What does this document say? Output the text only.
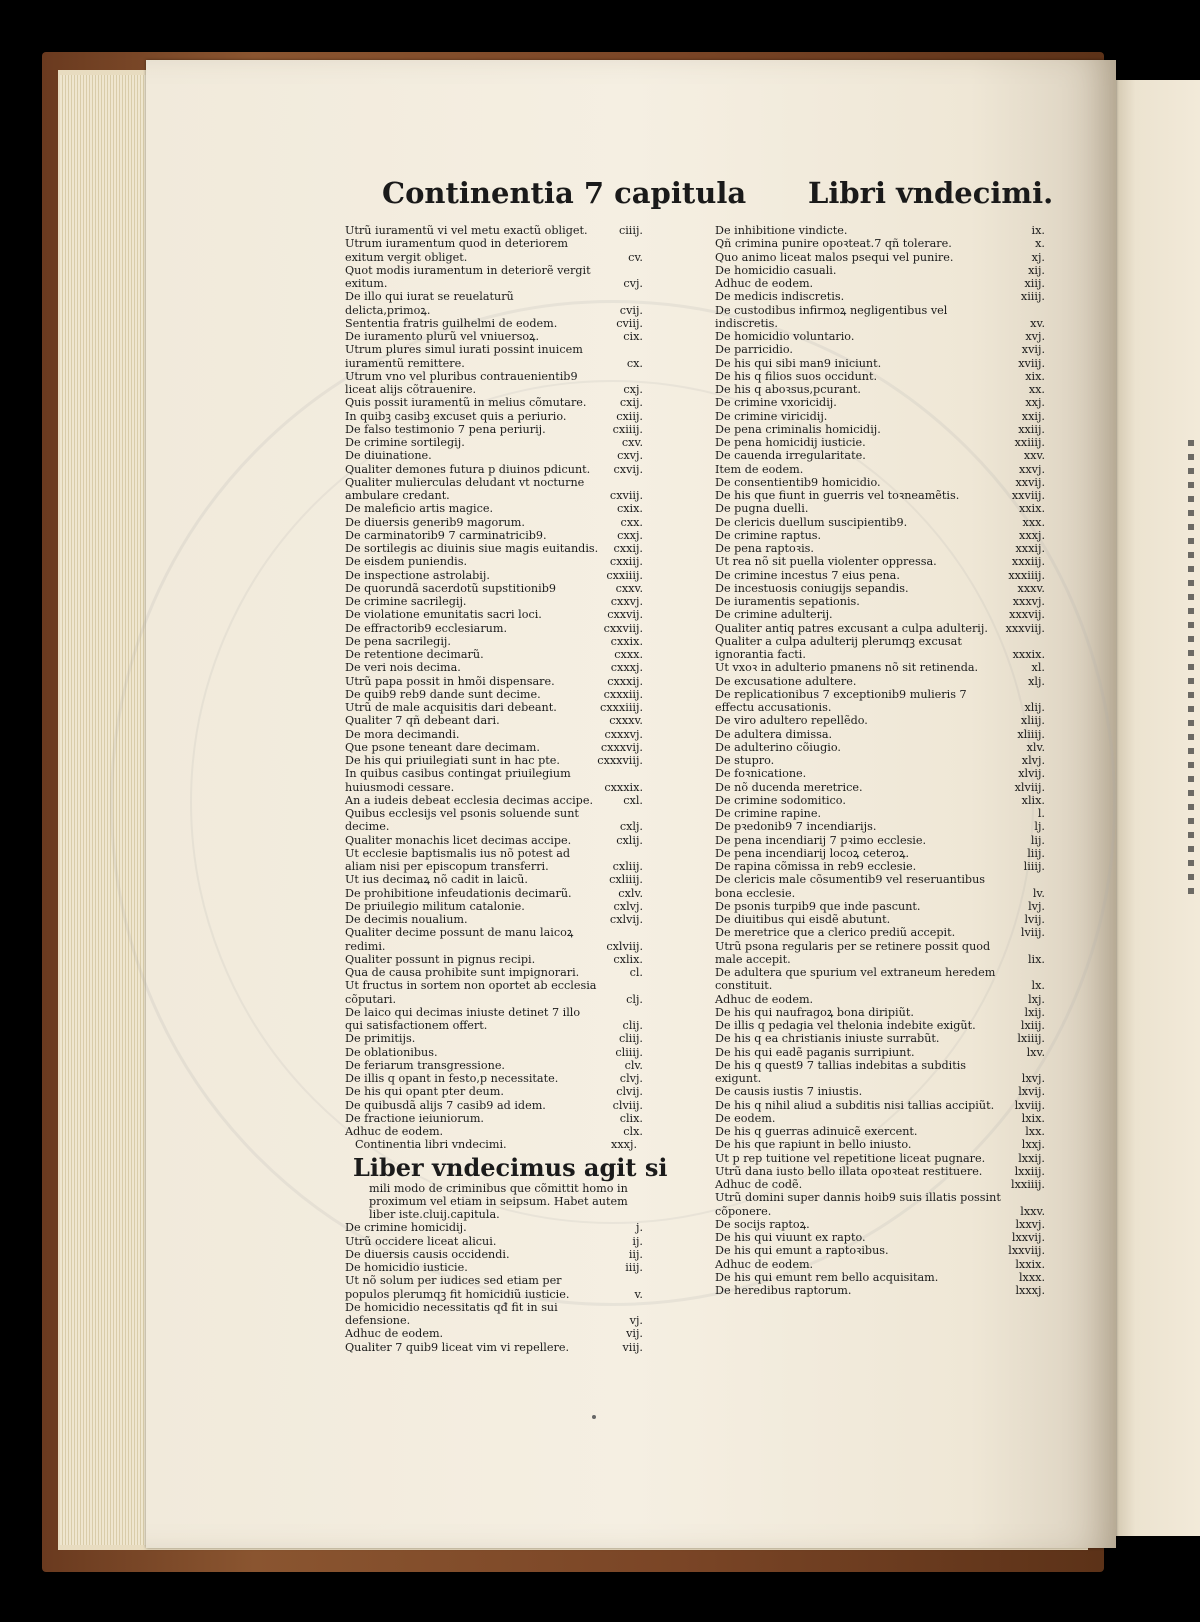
Continentia 7 capitula Libri vndecimi.
Utrũ iuramentũ vi vel metu exactũ obliget.	ciiij.
Utrum iuramentum quod in deteriorem exitum vergit obliget.	cv.
Quot modis iuramentum in deteriorẽ vergit exitum.	cvj.
De illo qui iurat se reuelaturũ delicta,primoꝝ.	cvij.
Sententia fratris guilhelmi de eodem.	cviij.
De iuramento plurũ vel vniuersoꝝ.	cix.
Utrum plures simul iurati possint inuicem iuramentũ remittere.	cx.
Utrum vno vel pluribus contrauenientib9 liceat alijs cõtrauenire.	cxj.
Quis possit iuramentũ in melius cõmutare.	cxij.
In quibꝫ casibꝫ excuset quis a periurio.	cxiij.
De falso testimonio 7 pena periurij.	cxiiij.
De crimine sortilegij.	cxv.
De diuinatione.	cxvj.
Qualiter demones futura p diuinos pdicunt.	cxvij.
Qualiter mulierculas deludant vt nocturne ambulare credant.	cxviij.
De maleficio artis magice.	cxix.
De diuersis generib9 magorum.	cxx.
De carminatorib9 7 carminatricib9.	cxxj.
De sortilegis ac diuinis siue magis euitandis. cxxij.
De eisdem puniendis.	cxxiij.
De inspectione astrolabij.	cxxiiij.
De quorundã sacerdotũ supstitionib9	cxxv.
De crimine sacrilegij.	cxxvj.
De violatione emunitatis sacri loci.	cxxvij.
De effractorib9 ecclesiarum.	cxxviij.
De pena sacrilegij.	cxxix.
De retentione decimarũ.	cxxx.
De veri nois decima.	cxxxj.
Utrũ papa possit in hmõi dispensare.	cxxxij.
De quib9 reb9 dande sunt decime.	cxxxiij.
Utrũ de male acquisitis dari debeant.	cxxxiiij.
Qualiter 7 qñ debeant dari.	cxxxv.
De mora decimandi.	cxxxvj.
Que psone teneant dare decimam.	cxxxvij.
De his qui priuilegiati sunt in hac pte.	cxxxviij.
In quibus casibus contingat priuilegium huiusmodi cessare.	cxxxix.
An a iudeis debeat ecclesia decimas accipe.	cxl.
Quibus ecclesijs vel psonis soluende sunt decime.	cxlj.
Qualiter monachis licet decimas accipe.	cxlij.
Ut ecclesie baptismalis ius nõ potest ad aliam nisi per episcopum transferri.	cxliij.
Ut ius decimaꝝ nõ cadit in laicũ.	cxliiij.
De prohibitione infeudationis decimarũ.	cxlv.
De priuilegio militum catalonie.	cxlvj.
De decimis noualium.	cxlvij.
Qualiter decime possunt de manu laicoꝝ redimi.	cxlviij.
Qualiter possunt in pignus recipi.	cxlix.
Qua de causa prohibite sunt impignorari.	cl.
Ut fructus in sortem non oportet ab ecclesia cõputari.	clj.
De laico qui decimas iniuste detinet 7 illo qui satisfactionem offert.	clij.
De primitijs.	cliij.
De oblationibus.	cliiij.
De feriarum transgressione.	clv.
De illis q opant in festo,p necessitate.	clvj.
De his qui opant pter deum.	clvij.
De quibusdã alijs 7 casib9 ad idem.	clviij.
De fractione ieiuniorum.	clix.
Adhuc de eodem.	clx.
Continentia libri vndecimi.	xxxj.
Liber vndecimus agit si
mili modo de criminibus que cõmittit homo in proximum vel etiam in seipsum. Habet autem liber iste.cluij.capitula.
De crimine homicidij.	j.
Utrũ occidere liceat alicui.	ij.
De diuersis causis occidendi.	iij.
De homicidio iusticie.	iiij.
Ut nõ solum per iudices sed etiam per populos plerumqꝫ fit homicidiũ iusticie.	v.
De homicidio necessitatis qđ fit in sui defensione.	vj.
Adhuc de eodem.	vij.
Qualiter 7 quib9 liceat vim vi repellere.	viij.
De inhibitione vindicte.	ix.
Qñ crimina punire opoꝛteat.7 qñ tolerare.	x.
Quo animo liceat malos psequi vel punire.	xj.
De homicidio casuali.	xij.
Adhuc de eodem.	xiij.
De medicis indiscretis.	xiiij.
De custodibus infirmoꝝ negligentibus vel indiscretis.	xv.
De homicidio voluntario.	xvj.
De parricidio.	xvij.
De his qui sibi man9 iniciunt.	xviij.
De his q filios suos occidunt.	xix.
De his q aboꝛsus,pcurant.	xx.
De crimine vxoricidij.	xxj.
De crimine viricidij.	xxij.
De pena criminalis homicidij.	xxiij.
De pena homicidij iusticie.	xxiiij.
De cauenda irregularitate.	xxv.
Item de eodem.	xxvj.
De consentientib9 homicidio.	xxvij.
De his que fiunt in guerris vel toꝛneamẽtis.	xxviij.
De pugna duelli.	xxix.
De clericis duellum suscipientib9.	xxx.
De crimine raptus.	xxxj.
De pena raptoꝛis.	xxxij.
Ut rea nõ sit puella violenter oppressa.	xxxiij.
De crimine incestus 7 eius pena.	xxxiiij.
De incestuosis coniugijs sepandis.	xxxv.
De iuramentis sepationis.	xxxvj.
De crimine adulterij.	xxxvij.
Qualiter antiq patres excusant a culpa adulterij.	xxxviij.
Qualiter a culpa adulterij plerumqꝫ excusat ignorantia facti.	xxxix.
Ut vxoꝛ in adulterio pmanens nõ sit retinenda.	xl.
De excusatione adultere.	xlj.
De replicationibus 7 exceptionib9 mulieris 7 effectu accusationis.	xlij.
De viro adultero repellẽdo.	xliij.
De adultera dimissa.	xliiij.
De adulterino cõiugio.	xlv.
De stupro.	xlvj.
De foꝛnicatione.	xlvij.
De nõ ducenda meretrice.	xlviij.
De crimine sodomitico.	xlix.
De crimine rapine.	l.
De pꝛedonib9 7 incendiarijs.	lj.
De pena incendiarij 7 pꝛimo ecclesie.	lij.
De pena incendiarij locoꝝ ceteroꝝ.	liij.
De rapina cõmissa in reb9 ecclesie.	liiij.
De clericis male cõsumentib9 vel reseruantibus bona ecclesie.	lv.
De psonis turpib9 que inde pascunt.	lvj.
De diuitibus qui eisdẽ abutunt.	lvij.
De meretrice que a clerico prediũ accepit.	lviij.
Utrũ psona regularis per se retinere possit quod male accepit.	lix.
De adultera que spurium vel extraneum heredem constituit.	lx.
Adhuc de eodem.	lxj.
De his qui naufragoꝝ bona diripiũt.	lxij.
De illis q pedagia vel thelonia indebite exigũt.	lxiij.
De his q ea christianis iniuste surrabũt.	lxiiij.
De his qui eadẽ paganis surripiunt.	lxv.
De his q quest9 7 tallias indebitas a subditis exigunt.	lxvj.
De causis iustis 7 iniustis.	lxvij.
De his q nihil aliud a subditis nisi tallias accipiũt.	lxviij.
De eodem.	lxix.
De his q guerras adinuicẽ exercent.	lxx.
De his que rapiunt in bello iniusto.	lxxj.
Ut p rep tuitione vel repetitione liceat pugnare.	lxxij.
Utrũ dana iusto bello illata opoꝛteat restituere.	lxxiij.
Adhuc de codẽ.	lxxiiij.
Utrũ domini super dannis hoib9 suis illatis possint cõponere.	lxxv.
De socijs raptoꝝ.	lxxvj.
De his qui viuunt ex rapto.	lxxvij.
De his qui emunt a raptoꝛibus.	lxxviij.
Adhuc de eodem.	lxxix.
De his qui emunt rem bello acquisitam.	lxxx.
De heredibus raptorum.	lxxxj.
